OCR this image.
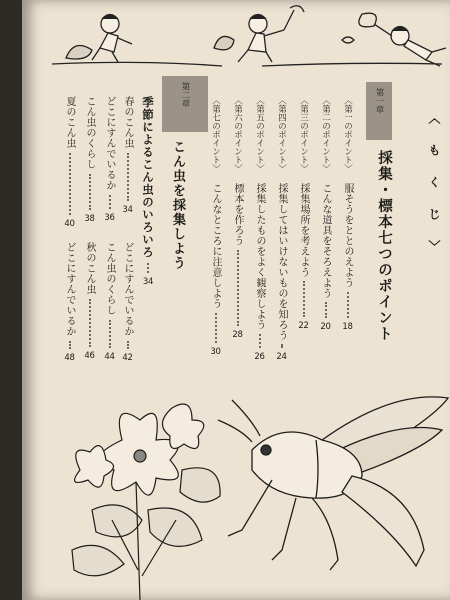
〈 も く じ 〉
第一章
採集・標本七つのポイント
〈第一のポイント〉
服そうをととのえよう
18
〈第二のポイント〉
こんな道具をそろえよう
20
〈第三のポイント〉
採集場所を考えよう
22
〈第四のポイント〉
採集してはいけないものを知ろう
24
〈第五のポイント〉
採集したものをよく観察しよう
26
〈第六のポイント〉
標本を作ろう
28
〈第七のポイント〉
こんなところに注意しよう
30
第二章
こん虫を採集しよう
季節によるこん虫のいろいろ
34
どこにすんでいるか
42
こん虫のくらし
44
秋のこん虫
46
どこにすんでいるか
48
春のこん虫
34
どこにすんでいるか
36
こん虫のくらし
38
夏のこん虫
40
